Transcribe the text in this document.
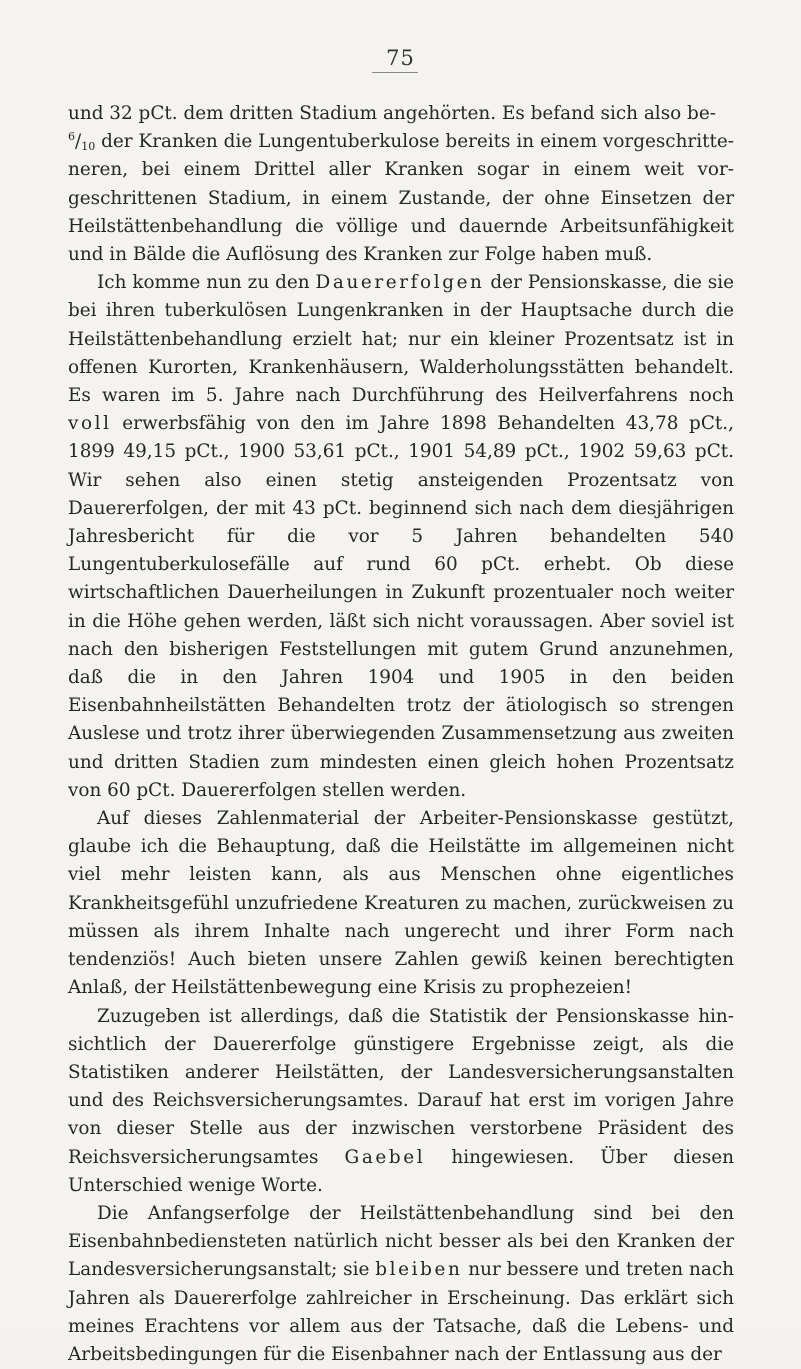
75

und 32 pCt. dem dritten Stadium angehörten. Es befand sich also be-
$^6/_{10}$ der Kranken die Lungentuberkulose bereits in einem vorgeschritteneren, bei einem Drittel aller Kranken sogar in einem weit vorgeschrittenen Stadium, in einem Zustande, der ohne Einsetzen der Heilstättenbehandlung die völlige und dauernde Arbeitsunfähigkeit und in Bälde die Auflösung des Kranken zur Folge haben muß.

Ich komme nun zu den Dauererfolgen der Pensionskasse, die sie bei ihren tuberkulösen Lungenkranken in der Hauptsache durch die Heilstättenbehandlung erzielt hat; nur ein kleiner Prozentsatz ist in offenen Kurorten, Krankenhäusern, Walderholungsstätten behandelt. Es waren im 5. Jahre nach Durchführung des Heilverfahrens noch voll erwerbsfähig von den im Jahre 1898 Behandelten 43,78 pCt., 1899 49,15 pCt., 1900 53,61 pCt., 1901 54,89 pCt., 1902 59,63 pCt. Wir sehen also einen stetig ansteigenden Prozentsatz von Dauererfolgen, der mit 43 pCt. beginnend sich nach dem diesjährigen Jahresbericht für die vor 5 Jahren behandelten 540 Lungentuberkulosefälle auf rund 60 pCt. erhebt. Ob diese wirtschaftlichen Dauerheilungen in Zukunft prozentualer noch weiter in die Höhe gehen werden, läßt sich nicht voraussagen. Aber soviel ist nach den bisherigen Feststellungen mit gutem Grund anzunehmen, daß die in den Jahren 1904 und 1905 in den beiden Eisenbahnheilstätten Behandelten trotz der ätiologisch so strengen Auslese und trotz ihrer überwiegenden Zusammensetzung aus zweiten und dritten Stadien zum mindesten einen gleich hohen Prozentsatz von 60 pCt. Dauererfolgen stellen werden.

Auf dieses Zahlenmaterial der Arbeiter-Pensionskasse gestützt, glaube ich die Behauptung, daß die Heilstätte im allgemeinen nicht viel mehr leisten kann, als aus Menschen ohne eigentliches Krankheitsgefühl unzufriedene Kreaturen zu machen, zurückweisen zu müssen als ihrem Inhalte nach ungerecht und ihrer Form nach tendenziös! Auch bieten unsere Zahlen gewiß keinen berechtigten Anlaß, der Heilstättenbewegung eine Krisis zu prophezeien!

Zuzugeben ist allerdings, daß die Statistik der Pensionskasse hinsichtlich der Dauererfolge günstigere Ergebnisse zeigt, als die Statistiken anderer Heilstätten, der Landesversicherungsanstalten und des Reichsversicherungsamtes. Darauf hat erst im vorigen Jahre von dieser Stelle aus der inzwischen verstorbene Präsident des Reichsversicherungsamtes Gaebel hingewiesen. Über diesen Unterschied wenige Worte.

Die Anfangserfolge der Heilstättenbehandlung sind bei den Eisenbahnbediensteten natürlich nicht besser als bei den Kranken der Landesversicherungsanstalt; sie bleiben nur bessere und treten nach Jahren als Dauererfolge zahlreicher in Erscheinung. Das erklärt sich meines Erachtens vor allem aus der Tatsache, daß die Lebens- und Arbeitsbedingungen für die Eisenbahner nach der Entlassung aus der
